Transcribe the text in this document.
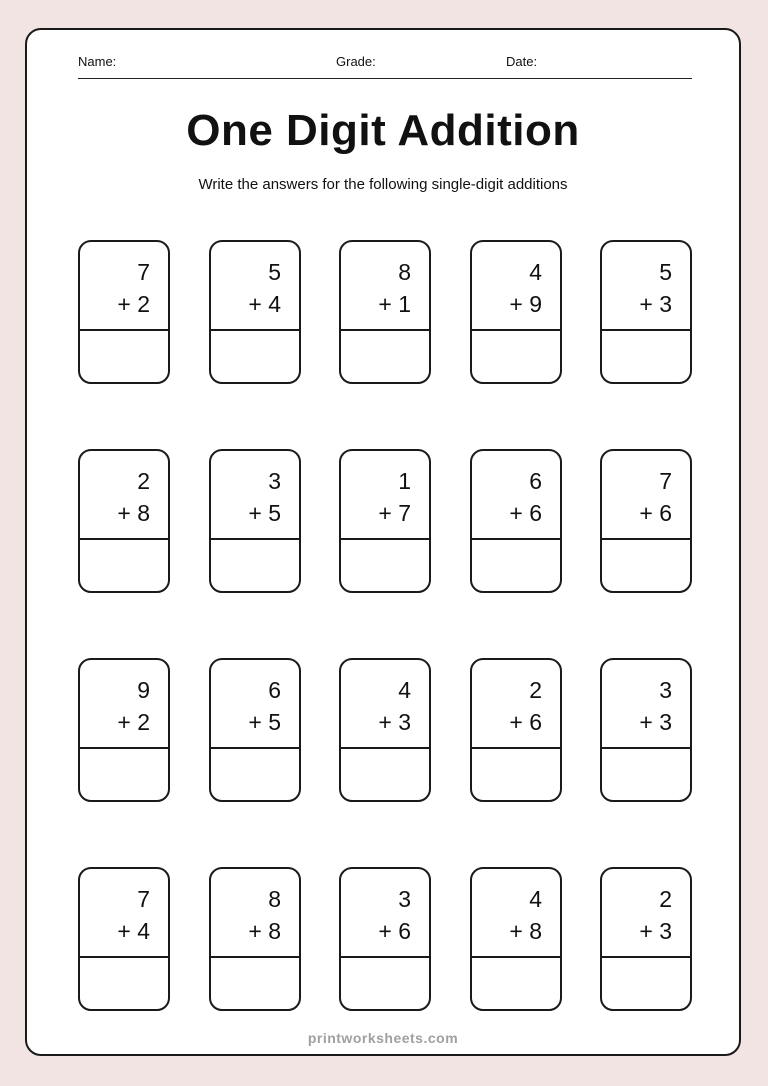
Name:	Grade:	Date:
One Digit Addition
Write the answers for the following single-digit additions
7
+ 2
5
+ 4
8
+ 1
4
+ 9
5
+ 3
2
+ 8
3
+ 5
1
+ 7
6
+ 6
7
+ 6
9
+ 2
6
+ 5
4
+ 3
2
+ 6
3
+ 3
7
+ 4
8
+ 8
3
+ 6
4
+ 8
2
+ 3
printworksheets.com
